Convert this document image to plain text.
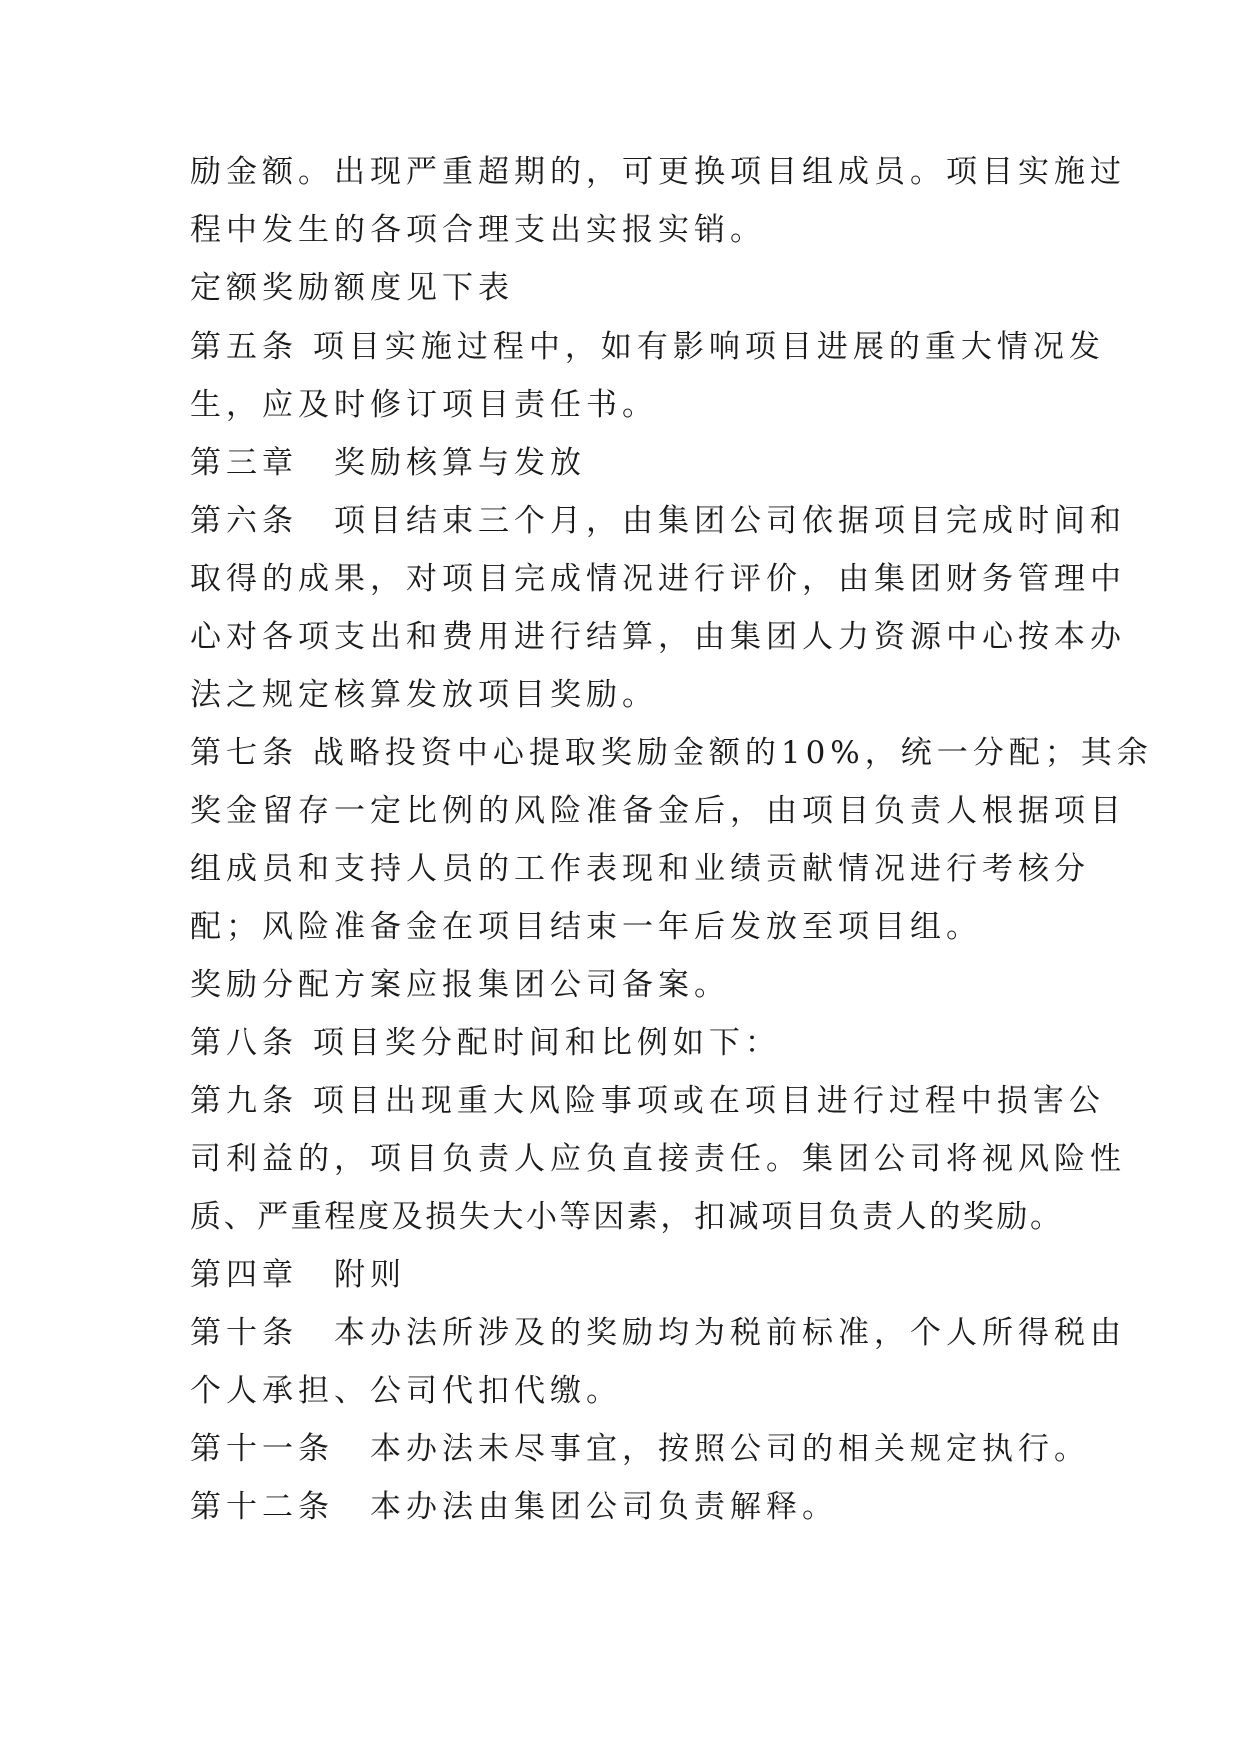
励金额。出现严重超期的，可更换项目组成员。项目实施过
程中发生的各项合理支出实报实销。
定额奖励额度见下表
第五条 项目实施过程中，如有影响项目进展的重大情况发
生，应及时修订项目责任书。
第三章　奖励核算与发放
第六条　项目结束三个月，由集团公司依据项目完成时间和
取得的成果，对项目完成情况进行评价，由集团财务管理中
心对各项支出和费用进行结算，由集团人力资源中心按本办
法之规定核算发放项目奖励。
第七条 战略投资中心提取奖励金额的10%，统一分配；其余
奖金留存一定比例的风险准备金后，由项目负责人根据项目
组成员和支持人员的工作表现和业绩贡献情况进行考核分
配；风险准备金在项目结束一年后发放至项目组。
奖励分配方案应报集团公司备案。
第八条 项目奖分配时间和比例如下：
第九条 项目出现重大风险事项或在项目进行过程中损害公
司利益的，项目负责人应负直接责任。集团公司将视风险性
质、严重程度及损失大小等因素，扣减项目负责人的奖励。
第四章　附则
第十条　本办法所涉及的奖励均为税前标准，个人所得税由
个人承担、公司代扣代缴。
第十一条　本办法未尽事宜，按照公司的相关规定执行。
第十二条　本办法由集团公司负责解释。
